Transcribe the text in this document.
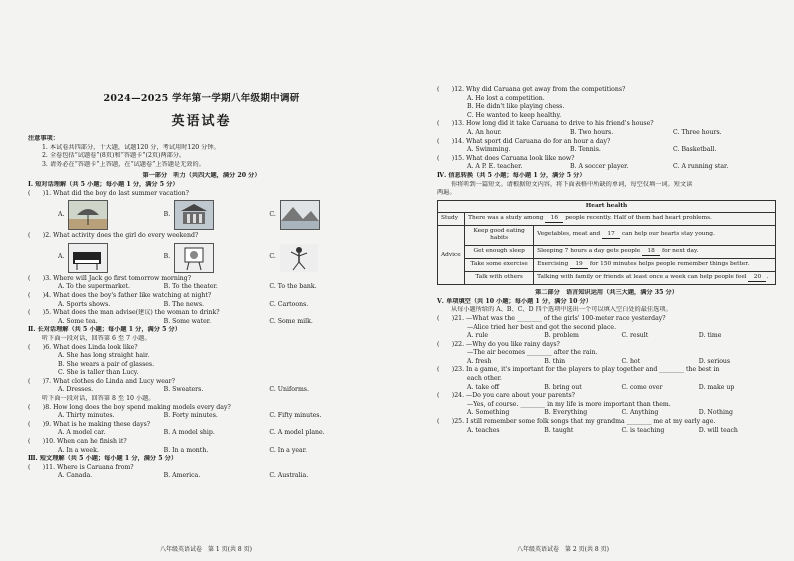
2024—2025 学年第一学期八年级期中调研
英语试卷
注意事项：
1. 本试卷共四部分，十大题，试题120 分，考试用时120 分钟。
2. 全卷包括“试题卷”(8页)和“答题卡”(2页)两部分。
3. 请务必在“答题卡”上答题，在“试题卷”上答题是无效的。
第一部分　听力（共四大题，满分 20 分）
Ⅰ. 短对话理解（共 5 小题；每小题 1 分，满分 5 分）
(　　)1. What did the boy do last summer vacation?
A.	B.	C.
(　　)2. What activity does the girl do every weekend?
A.	B.	C.
(　　)3. Where will Jack go first tomorrow morning?
A. To the supermarket.	B. To the theater.	C. To the bank.
(　　)4. What does the boy's father like watching at night?
A. Sports shows.	B. The news.	C. Cartoons.
(　　)5. What does the man advise(建议) the woman to drink?
A. Some tea.	B. Some water.	C. Some milk.
Ⅱ. 长对话理解（共 5 小题；每小题 1 分，满分 5 分）
听下面一段对话，回答第 6 至 7 小题。
(　　)6. What does Linda look like?
A. She has long straight hair.
B. She wears a pair of glasses.
C. She is taller than Lucy.
(　　)7. What clothes do Linda and Lucy wear?
A. Dresses.	B. Sweaters.	C. Uniforms.
听下面一段对话，回答第 8 至 10 小题。
(　　)8. How long does the boy spend making models every day?
A. Thirty minutes.	B. Forty minutes.	C. Fifty minutes.
(　　)9. What is he making these days?
A. A model car.	B. A model ship.	C. A model plane.
(　　)10. When can he finish it?
A. In a week.	B. In a month.	C. In a year.
Ⅲ. 短文理解（共 5 小题；每小题 1 分，满分 5 分）
(　　)11. Where is Caruana from?
A. Canada.	B. America.	C. Australia.
八年级英语试卷　第 1 页(共 8 页)
(　　)12. Why did Caruana get away from the competitions?
A. He lost a competition.
B. He didn't like playing chess.
C. He wanted to keep healthy.
(　　)13. How long did it take Caruana to drive to his friend's house?
A. An hour.	B. Two hours.	C. Three hours.
(　　)14. What sport did Caruana do for an hour a day?
A. Swimming.	B. Tennis.	C. Basketball.
(　　)15. What does Caruana look like now?
A. A P. E. teacher.	B. A soccer player.	C. A running star.
Ⅳ. 信息转换（共 5 小题；每小题 1 分，满分 5 分）
你将听到一篇短文。请根据短文内容，将下面表格中所缺的单词，每空仅填一词。短文读
两遍。
Heart health		
Study	There was a study among 16 people recently. Half of them had heart problems.	
Advice	Keep good eating habits	Vegetables, meat and 17 can help our hearts stay young.
	Get enough sleep	Sleeping 7 hours a day gets people 18 for next day.
	Take some exercise	Exercising 19 for 150 minutes helps people remember things better.
	Talk with others	Talking with family or friends at least once a week can help people feel 20 .
第二部分　语言知识运用（共三大题，满分 35 分）
Ⅴ. 单项填空（共 10 小题；每小题 1 分，满分 10 分）
从每小题所给的 A、B、C、D 四个选项中选出一个可以填入空白处的最佳选项。
(　　)21. —What was the ________ of the girls' 100-meter race yesterday?
—Alice tried her best and got the second place.
A. rule	B. problem	C. result	D. time
(　　)22. —Why do you like rainy days?
—The air becomes ________ after the rain.
A. fresh	B. thin	C. hot	D. serious
(　　)23. In a game, it's important for the players to play together and ________ the best in
each other.
A. take off	B. bring out	C. come over	D. make up
(　　)24. —Do you care about your parents?
—Yes, of course. ________ in my life is more important than them.
A. Something	B. Everything	C. Anything	D. Nothing
(　　)25. I still remember some folk songs that my grandma ________ me at my early age.
A. teaches	B. taught	C. is teaching	D. will teach
八年级英语试卷　第 2 页(共 8 页)
